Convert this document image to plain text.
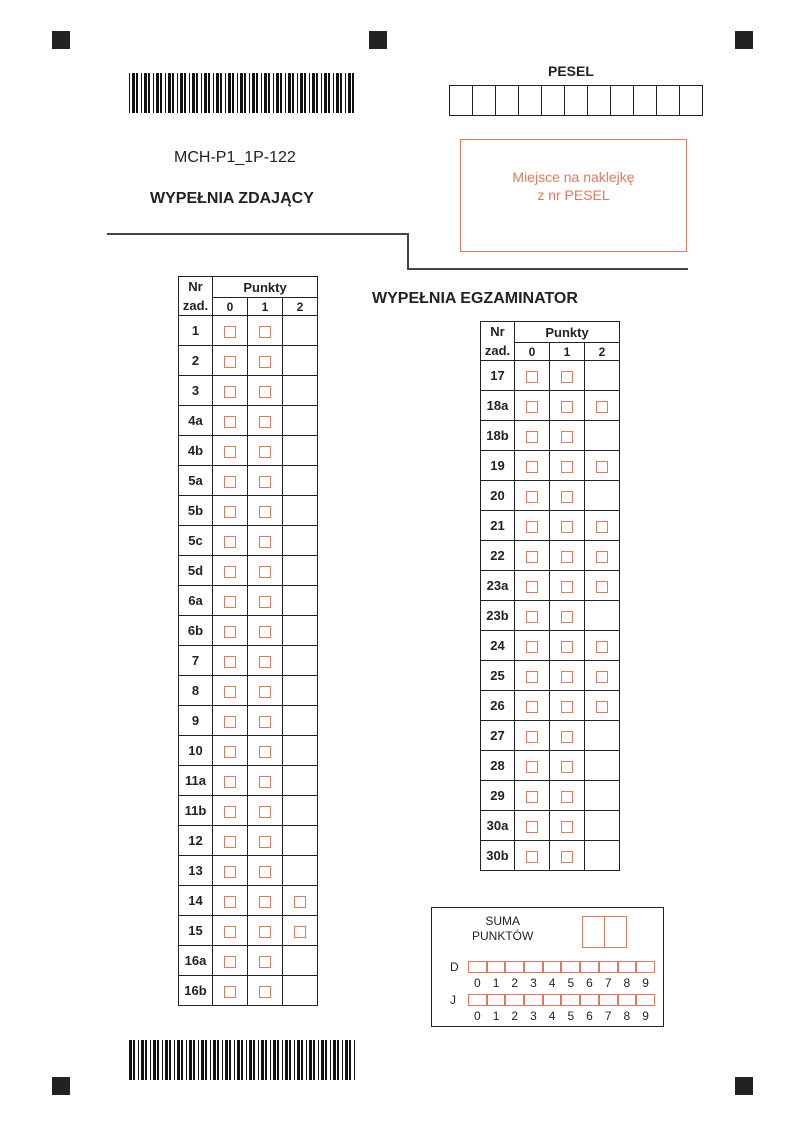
MCH-P1_1P-122
WYPEŁNIA ZDAJĄCY
PESEL
Miejsce na naklejkę
z nr PESEL
WYPEŁNIA EGZAMINATOR
Nr
zad.	Punkty		
	0	1	2
1			
2			
3			
4a			
4b			
5a			
5b			
5c			
5d			
6a			
6b			
7			
8			
9			
10			
11a			
11b			
12			
13			
14			
15			
16a			
16b			
Nr
zad.	Punkty		
	0	1	2
17			
18a			
18b			
19			
20			
21			
22			
23a			
23b			
24			
25			
26			
27			
28			
29			
30a			
30b			
SUMA
PUNKTÓW
D
0	1	2	3	4	5	6	7	8	9
J
0	1	2	3	4	5	6	7	8	9
